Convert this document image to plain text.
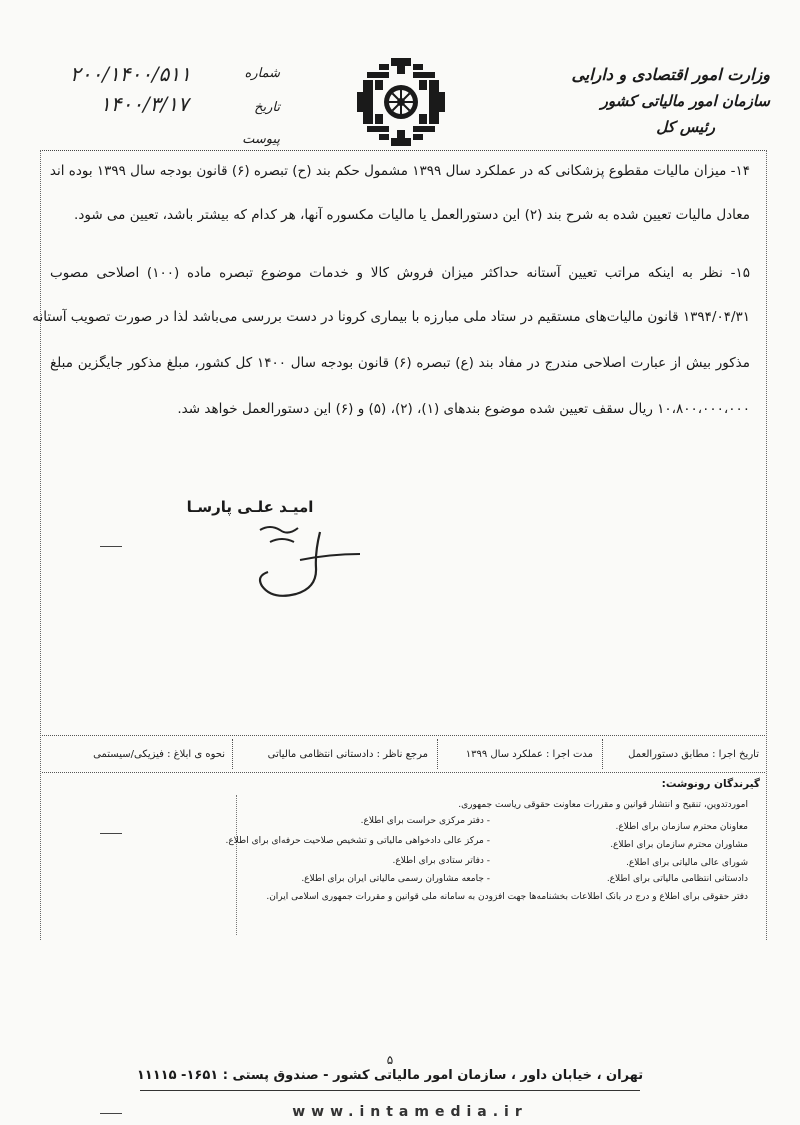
وزارت امور اقتصادی و دارایی
سازمان امور مالیاتی کشور
رئیس کل
شماره
۲۰۰/۱۴۰۰/۵۱۱
تاریخ
۱۴۰۰/۳/۱۷
پیوست
۱۴- میزان مالیات مقطوع پزشکانی که در عملکرد سال ۱۳۹۹ مشمول حکم بند (ح) تبصره (۶) قانون بودجه سال ۱۳۹۹ بوده اند
معادل مالیات تعیین شده به شرح بند (۲) این دستورالعمل یا مالیات مکسوره آنها، هر کدام که بیشتر باشد، تعیین می شود.
۱۵- نظر به اینکه مراتب تعیین آستانه حداکثر میزان فروش کالا و خدمات موضوع تبصره ماده (۱۰۰) اصلاحی مصوب
۱۳۹۴/۰۴/۳۱ قانون مالیات‌های مستقیم در ستاد ملی مبارزه با بیماری کرونا در دست بررسی می‌باشد لذا در صورت تصویب آستانه
مذکور بیش از عبارت اصلاحی مندرج در مفاد بند (ع) تبصره (۶) قانون بودجه سال ۱۴۰۰ کل کشور، مبلغ مذکور جایگزین مبلغ
۱۰،۸۰۰،۰۰۰،۰۰۰ ریال سقف تعیین شده موضوع بندهای (۱)، (۲)، (۵) و (۶) این دستورالعمل خواهد شد.
امیـد علـی پارسـا
تاریخ اجرا : مطابق دستورالعمل
مدت اجرا : عملکرد سال ۱۳۹۹
مرجع ناظر : دادستانی انتظامی مالیاتی
نحوه ی ابلاغ : فیزیکی/سیستمی
گیرندگان رونوشت:
اموردتدوین، تنقیح و انتشار قوانین و مقررات معاونت حقوقی ریاست جمهوری.
معاونان محترم سازمان برای اطلاع.
مشاوران محترم سازمان برای اطلاع.
شورای عالی مالیاتی برای اطلاع.
دادستانی انتظامی مالیاتی برای اطلاع.
دفتر حقوقی برای اطلاع و درج در بانک اطلاعات بخشنامه‌ها جهت افزودن به سامانه ملی قوانین و مقررات جمهوری اسلامی ایران.
- دفتر مرکزی حراست برای اطلاع.
- مرکز عالی دادخواهی مالیاتی و تشخیص صلاحیت حرفه‌ای برای اطلاع.
- دفاتر ستادی برای اطلاع.
- جامعه مشاوران رسمی مالیاتی ایران برای اطلاع.
۵
تهران ، خیابان داور ، سازمان امور مالیاتی کشور - صندوق پستی : ۱۶۵۱- ۱۱۱۱۵
www.intamedia.ir
